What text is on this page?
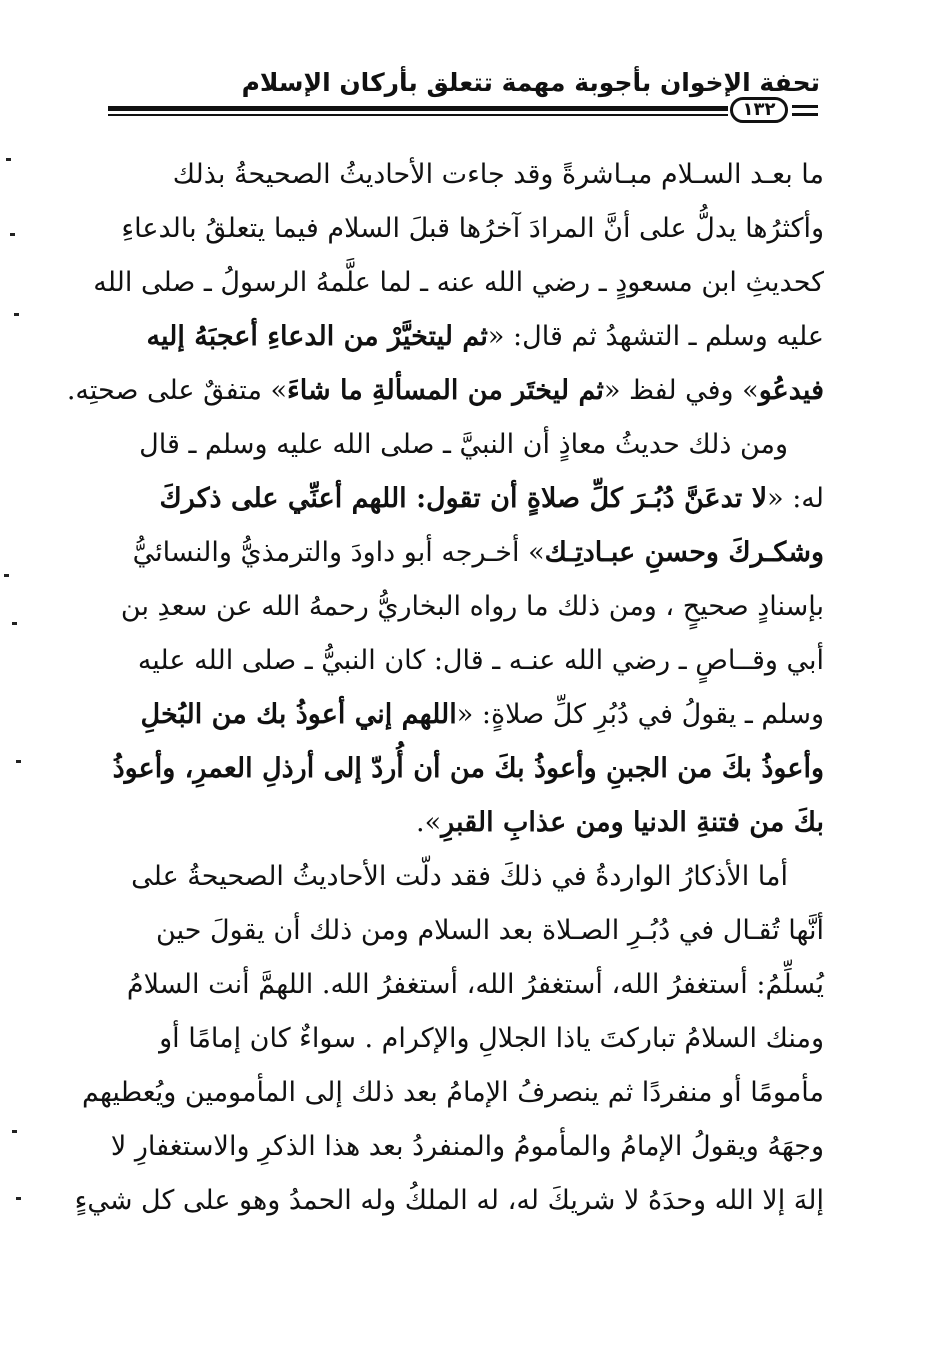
تحفة الإخوان بأجوبة مهمة تتعلق بأركان الإسلام
١٣٢
ما بعـد السـلام مبـاشرةً وقد جاءت الأحاديثُ الصحيحةُ بذلك
وأكثرُها يدلُّ على أنَّ المرادَ آخرُها قبلَ السلام فيما يتعلقُ بالدعاءِ
كحديثِ ابن مسعودٍ ـ رضي الله عنه ـ لما علَّمهُ الرسولُ ـ صلى الله
عليه وسلم ـ التشهدُ ثم قال: «ثم ليتخيَّرْ من الدعاءِ أعجبَهُ إليه
فيدعُو» وفي لفظ «ثم ليختَر من المسألةِ ما شاءَ» متفقٌ على صحتِه.
ومن ذلك حديثُ معاذٍ أن النبيَّ ـ صلى الله عليه وسلم ـ قال
له: «لا تدعَنَّ دُبُـرَ كلِّ صلاةٍ أن تقول: اللهم أعنِّي على ذكركَ
وشكـركَ وحسنِ عبـادتِـك» أخـرجه أبو داودَ والترمذيُّ والنسائيُّ
بإسنادٍ صحيحٍ ، ومن ذلك ما رواه البخاريُّ رحمهُ الله عن سعدِ بن
أبي وقــاصٍ ـ رضي الله عنـه ـ قال: كان النبيُّ ـ صلى الله عليه
وسلم ـ يقولُ في دُبُرِ كلِّ صلاةٍ: «اللهم إني أعوذُ بك من البُخلِ
وأعوذُ بكَ من الجبنِ وأعوذُ بكَ من أن أُردّ إلى أرذلِ العمرِ، وأعوذُ
بكَ من فتنةِ الدنيا ومن عذابِ القبرِ».
أما الأذكارُ الواردةُ في ذلكَ فقد دلّت الأحاديثُ الصحيحةُ على
أنَّها تُقـال في دُبُـرِ الصـلاة بعد السلام ومن ذلك أن يقولَ حين
يُسلِّمُ: أستغفرُ الله، أستغفرُ الله، أستغفرُ الله. اللهمَّ أنت السلامُ
ومنك السلامُ تباركتَ ياذا الجلالِ والإكرام . سواءٌ كان إمامًا أو
مأمومًا أو منفردًا ثم ينصرفُ الإمامُ بعد ذلك إلى المأمومين ويُعطيهم
وجهَهُ ويقولُ الإمامُ والمأمومُ والمنفردُ بعد هذا الذكرِ والاستغفارِ لا
إلهَ إلا الله وحدَهُ لا شريكَ له، له الملكُ وله الحمدُ وهو على كل شيءٍ
